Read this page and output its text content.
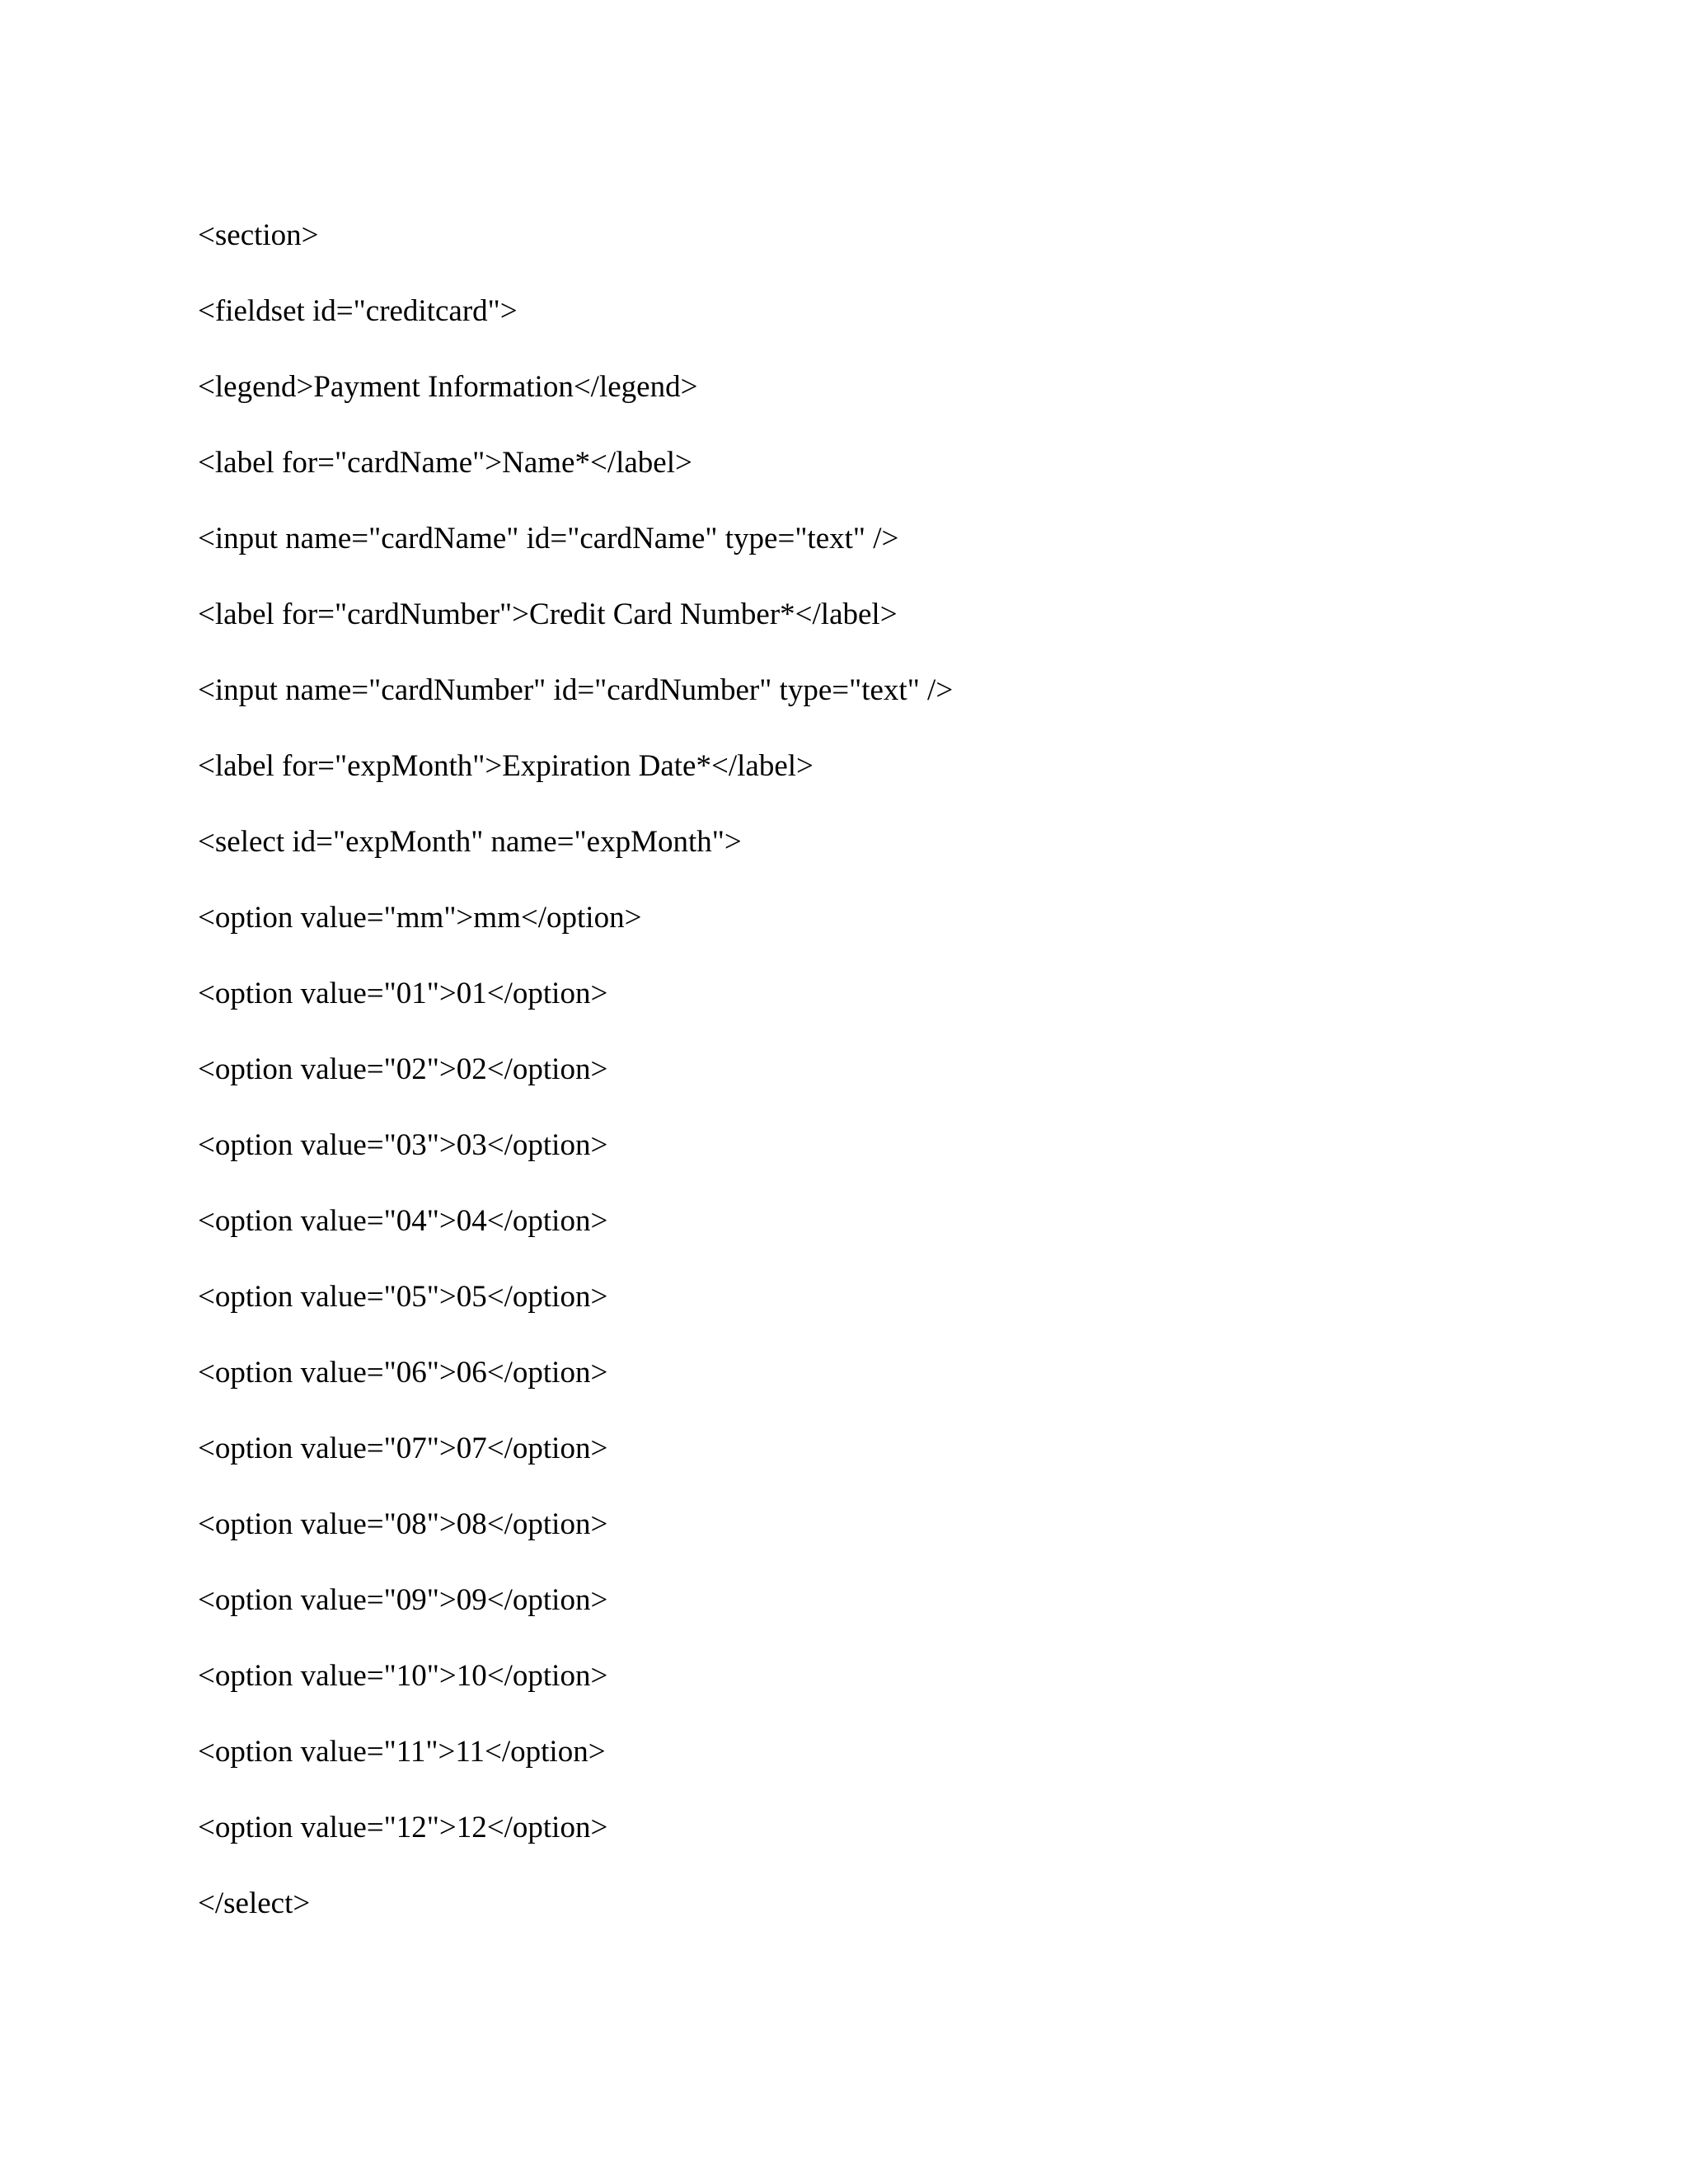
<section>
<fieldset id="creditcard">
<legend>Payment Information</legend>
<label for="cardName">Name*</label>
<input name="cardName" id="cardName" type="text" />
<label for="cardNumber">Credit Card Number*</label>
<input name="cardNumber" id="cardNumber" type="text" />
<label for="expMonth">Expiration Date*</label>
<select id="expMonth" name="expMonth">
<option value="mm">mm</option>
<option value="01">01</option>
<option value="02">02</option>
<option value="03">03</option>
<option value="04">04</option>
<option value="05">05</option>
<option value="06">06</option>
<option value="07">07</option>
<option value="08">08</option>
<option value="09">09</option>
<option value="10">10</option>
<option value="11">11</option>
<option value="12">12</option>
</select>
